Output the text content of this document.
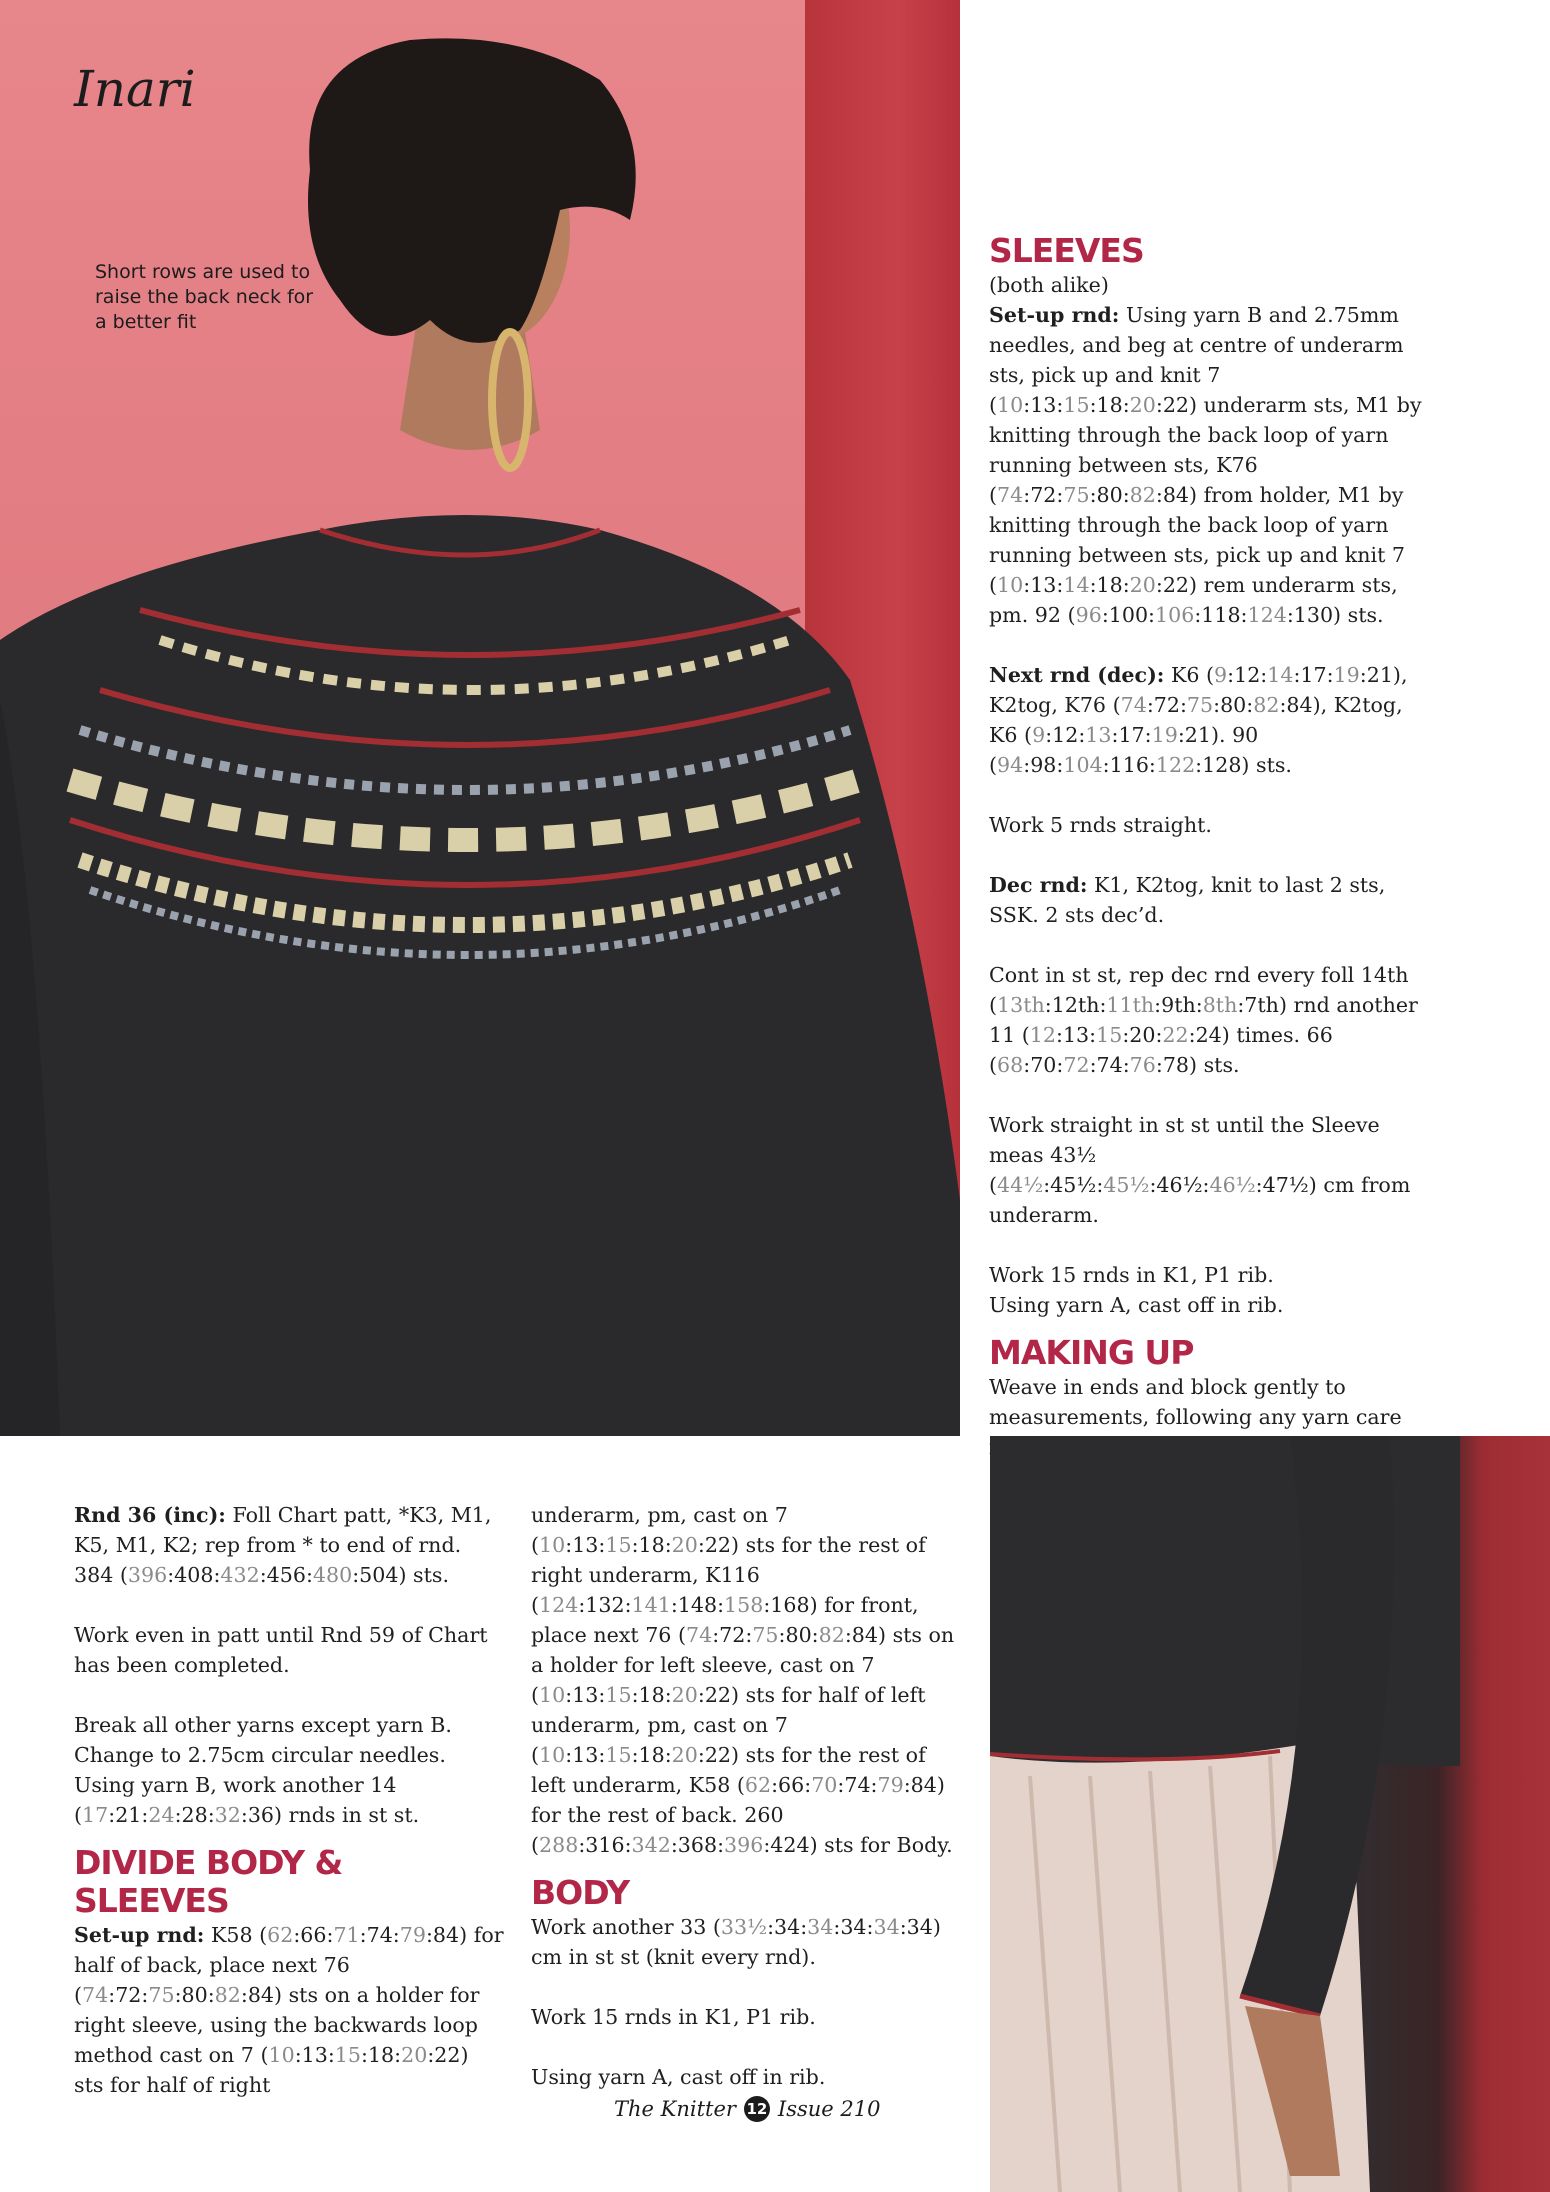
Inari
Short rows are used to raise the back neck for a better fit
SLEEVES

(both alike)

Set-up rnd: Using yarn B and 2.75mm needles, and beg at centre of underarm sts, pick up and knit 7 (10:13:15:18:20:22) underarm sts, M1 by knitting through the back loop of yarn running between sts, K76 (74:72:75:80:82:84) from holder, M1 by knitting through the back loop of yarn running between sts, pick up and knit 7 (10:13:14:18:20:22) rem underarm sts, pm. 92 (96:100:106:118:124:130) sts.

Next rnd (dec): K6 (9:12:14:17:19:21), K2tog, K76 (74:72:75:80:82:84), K2tog, K6 (9:12:13:17:19:21). 90 (94:98:104:116:122:128) sts.

Work 5 rnds straight.

Dec rnd: K1, K2tog, knit to last 2 sts, SSK. 2 sts dec’d.

Cont in st st, rep dec rnd every foll 14th (13th:12th:11th:9th:8th:7th) rnd another 11 (12:13:15:20:22:24) times. 66 (68:70:72:74:76:78) sts.

Work straight in st st until the Sleeve meas 43½ (44½:45½:45½:46½:46½:47½) cm from underarm.

Work 15 rnds in K1, P1 rib.

Using yarn A, cast off in rib.

MAKING UP

Weave in ends and block gently to measurements, following any yarn care

Rnd 36 (inc): Foll Chart patt, *K3, M1, K5, M1, K2; rep from * to end of rnd. 384 (396:408:432:456:480:504) sts.

Work even in patt until Rnd 59 of Chart has been completed.

Break all other yarns except yarn B. Change to 2.75cm circular needles. Using yarn B, work another 14 (17:21:24:28:32:36) rnds in st st.

DIVIDE BODY & SLEEVES

Set-up rnd: K58 (62:66:71:74:79:84) for half of back, place next 76 (74:72:75:80:82:84) sts on a holder for right sleeve, using the backwards loop method cast on 7 (10:13:15:18:20:22) sts for half of right

underarm, pm, cast on 7 (10:13:15:18:20:22) sts for the rest of right underarm, K116 (124:132:141:148:158:168) for front, place next 76 (74:72:75:80:82:84) sts on a holder for left sleeve, cast on 7 (10:13:15:18:20:22) sts for half of left underarm, pm, cast on 7 (10:13:15:18:20:22) sts for the rest of left underarm, K58 (62:66:70:74:79:84) for the rest of back. 260 (288:316:342:368:396:424) sts for Body.

BODY

Work another 33 (33½:34:34:34:34:34) cm in st st (knit every rnd).

Work 15 rnds in K1, P1 rib.

Using yarn A, cast off in rib.

The Knitter 12 Issue 210
